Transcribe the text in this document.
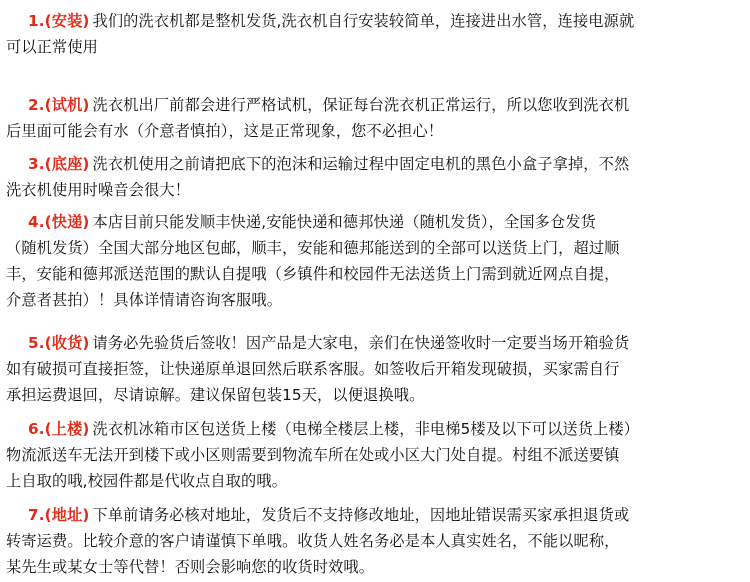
1.(安装) 我们的洗衣机都是整机发货,洗衣机自行安装较简单，连接进出水管，连接电源就
可以正常使用
2.(试机) 洗衣机出厂前都会进行严格试机，保证每台洗衣机正常运行，所以您收到洗衣机
后里面可能会有水（介意者慎拍），这是正常现象，您不必担心！
3.(底座) 洗衣机使用之前请把底下的泡沫和运输过程中固定电机的黑色小盒子拿掉，不然
洗衣机使用时噪音会很大！
4.(快递) 本店目前只能发顺丰快递,安能快递和德邦快递（随机发货），全国多仓发货
（随机发货）全国大部分地区包邮，顺丰，安能和德邦能送到的全部可以送货上门，超过顺
丰，安能和德邦派送范围的默认自提哦（乡镇件和校园件无法送货上门需到就近网点自提，
介意者甚拍）！具体详情请咨询客服哦。
5.(收货) 请务必先验货后签收！因产品是大家电，亲们在快递签收时一定要当场开箱验货
如有破损可直接拒签，让快递原单退回然后联系客服。如签收后开箱发现破损，买家需自行
承担运费退回，尽请谅解。建议保留包装15天，以便退换哦。
6.(上楼) 洗衣机冰箱市区包送货上楼（电梯全楼层上楼，非电梯5楼及以下可以送货上楼）
物流派送车无法开到楼下或小区则需要到物流车所在处或小区大门处自提。村组不派送要镇
上自取的哦,校园件都是代收点自取的哦。
7.(地址) 下单前请务必核对地址，发货后不支持修改地址，因地址错误需买家承担退货或
转寄运费。比较介意的客户请谨慎下单哦。收货人姓名务必是本人真实姓名，不能以昵称，
某先生或某女士等代替！否则会影响您的收货时效哦。
